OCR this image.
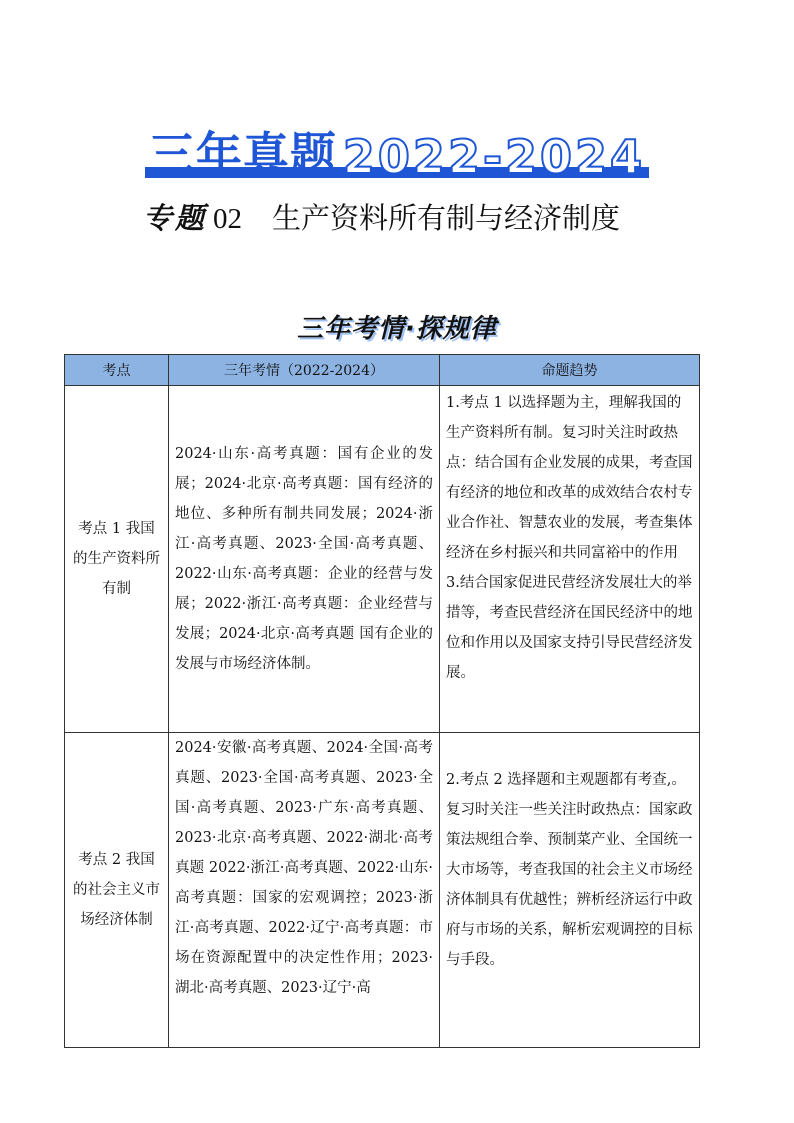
三年真题 2022-2024
专题 02 生产资料所有制与经济制度
三年考情·探规律
考点	三年考情（2022-2024）	命题趋势
考点 1 我国的生产资料所有制	2024·山东·高考真题：国有企业的发展；2024·北京·高考真题：国有经济的地位、多种所有制共同发展；2024·浙江·高考真题、2023·全国·高考真题、2022·山东·高考真题：企业的经营与发展；2022·浙江·高考真题：企业经营与发展；2024·北京·高考真题 国有企业的发展与市场经济体制。	1.考点 1 以选择题为主，理解我国的生产资料所有制。复习时关注时政热点：结合国有企业发展的成果，考查国有经济的地位和改革的成效结合农村专业合作社、智慧农业的发展，考查集体经济在乡村振兴和共同富裕中的作用
3.结合国家促进民营经济发展壮大的举措等，考查民营经济在国民经济中的地位和作用以及国家支持引导民营经济发展。

考点 2 我国的社会主义市场经济体制	2024·安徽·高考真题、2024·全国·高考真题、2023·全国·高考真题、2023·全国·高考真题、2023·广东·高考真题、2023·北京·高考真题、2022·湖北·高考真题 2022·浙江·高考真题、2022·山东·高考真题：国家的宏观调控；2023·浙江·高考真题、2022·辽宁·高考真题：市场在资源配置中的决定性作用；2023·湖北·高考真题、2023·辽宁·高	2.考点 2 选择题和主观题都有考查,。复习时关注一些关注时政热点：国家政策法规组合拳、预制菜产业、全国统一大市场等，考查我国的社会主义市场经济体制具有优越性；辨析经济运行中政府与市场的关系，解析宏观调控的目标与手段。
